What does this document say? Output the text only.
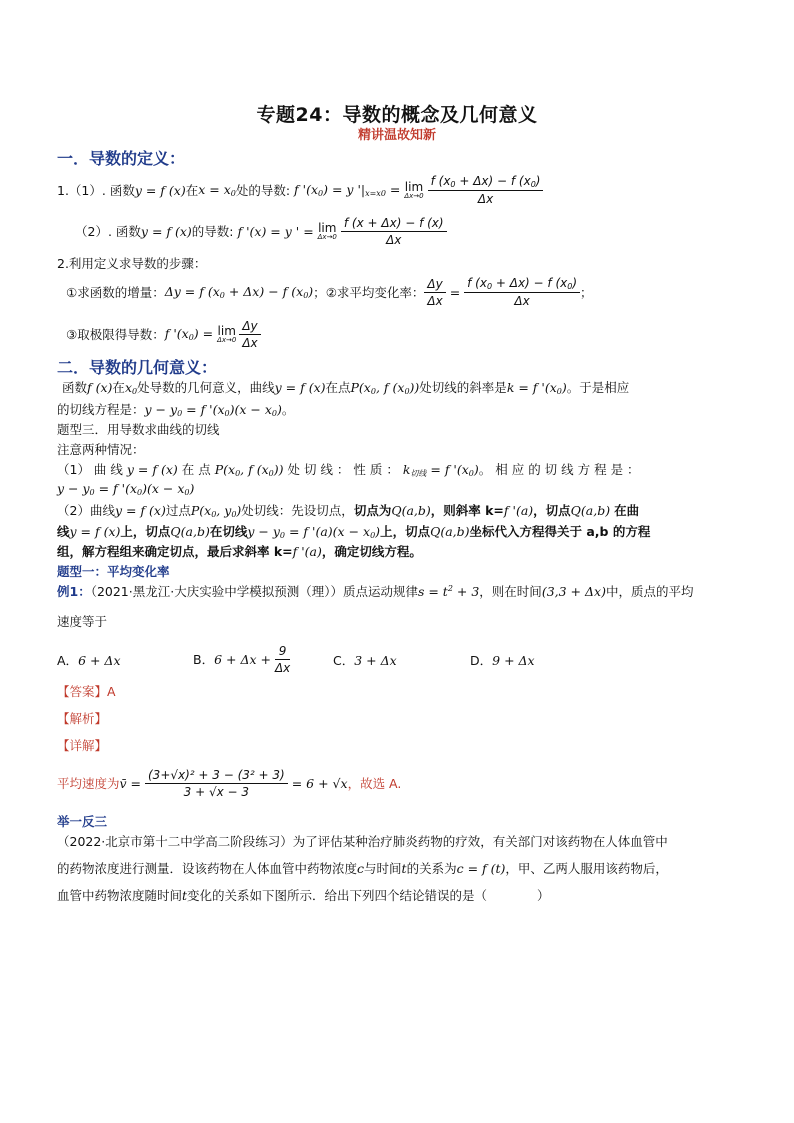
专题24：导数的概念及几何意义
精讲温故知新
一．导数的定义：
1.（1）. 函数 y = f (x) 在 $x = x_0$ 处的导数: f '$(x_0) = y$ '$|_{x=x0} = \lim$
$\Delta x\to 0 \frac{f (x_0 + \Delta x) - f (x_0)}{\Delta x}$
（2）. 函数 y = f (x) 的导数: f '(x) = y ' = lim
$\Delta x\to 0 \frac{f (x + \Delta x) - f (x)}{\Delta x}$
2.利用定义求导数的步骤：
①求函数的增量： Δy = f $(x_0 + \Delta x) - f$ $(x_0)$ ； ②求平均变化率： $\frac{\Delta y}{\Delta x} = \frac{f (x_0 + \Delta x) - f (x_0)}{\Delta x}$ ；
③取极限得导数： f '$(x_0) = \lim$
$\Delta x\to 0 \frac{\Delta y}{\Delta x}$
二．导数的几何意义：
函数f (x)在$x_0$处导数的几何意义，曲线y = f (x)在点$P(x_0$, f $(x_0)$)处切线的斜率是k = f '$(x_0)$。于是相应
的切线方程是：$y - y_0 = f$ '$(x_0)(x - x_0)$。
题型三．用导数求曲线的切线
注意两种情况：
（1） 曲 线 y = f (x) 在 点 $P(x_0$, f $(x_0)$) 处 切 线 ： 性 质 ： $k_{切线} = f$ '$(x_0)$。 相 应 的 切 线 方 程 是 ：
$y - y_0 = f$ '$(x_0)(x - x_0)$
（2）曲线y = f (x)过点$P(x_0$, $y_0$)处切线：先设切点，切点为Q(a,b)，则斜率 k=f '(a)，切点Q(a,b) 在曲
线y = f (x)上，切点Q(a,b)在切线$y - y_0 = f$ '$(a)(x - x_0)$上，切点Q(a,b)坐标代入方程得关于 a,b 的方程
组，解方程组来确定切点，最后求斜率 k=f '(a)，确定切线方程。
题型一：平均变化率
例1：（2021·黑龙江·大庆实验中学模拟预测（理））质点运动规律$s = t^2 + 3$，则在时间(3,3 + Δx)中，质点的平均
速度等于
A． 6 + Δx	B． $6 + \Delta x + \frac{9}{\Delta x}$	C． 3 + Δx	D． 9 + Δx
【答案】A
【解析】
【详解】
平均速度为 v̄ = $\frac{\text{(3+√x)² + 3 − (3² + 3)}}{3 + √x - 3} = 6 + √x$ ，故选 A.
举一反三
（2022·北京市第十二中学高二阶段练习）为了评估某种治疗肺炎药物的疗效，有关部门对该药物在人体血管中
的药物浓度进行测量．设该药物在人体血管中药物浓度c与时间t的关系为c = f (t)，甲、乙两人服用该药物后，
血管中药物浓度随时间t变化的关系如下图所示．给出下列四个结论错误的是（　　　　）
